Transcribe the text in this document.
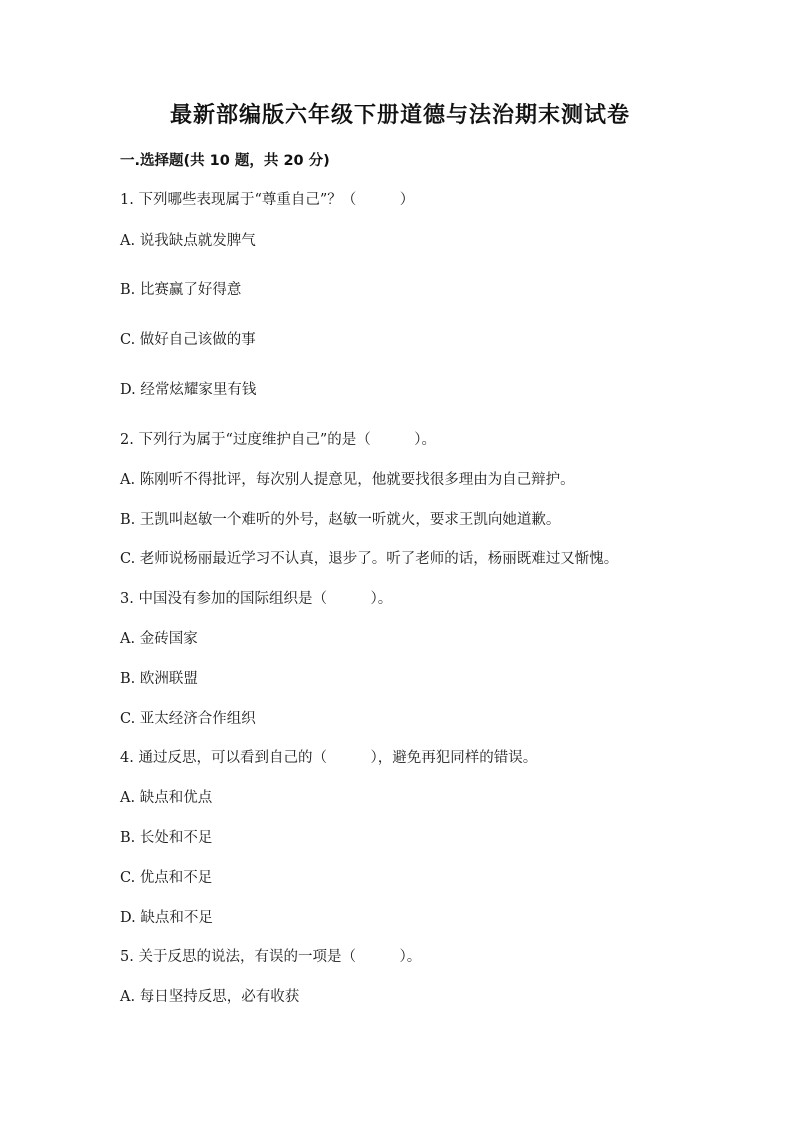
最新部编版六年级下册道德与法治期末测试卷
一.选择题(共 10 题，共 20 分)
1. 下列哪些表现属于“尊重自己”？（　　　）
A. 说我缺点就发脾气
B. 比赛赢了好得意
C. 做好自己该做的事
D. 经常炫耀家里有钱
2. 下列行为属于“过度维护自己”的是（　　　）。
A. 陈刚听不得批评，每次别人提意见，他就要找很多理由为自己辩护。
B. 王凯叫赵敏一个难听的外号，赵敏一听就火，要求王凯向她道歉。
C. 老师说杨丽最近学习不认真，退步了。听了老师的话，杨丽既难过又惭愧。
3. 中国没有参加的国际组织是（　　　）。
A. 金砖国家
B. 欧洲联盟
C. 亚太经济合作组织
4. 通过反思，可以看到自己的（　　　），避免再犯同样的错误。
A. 缺点和优点
B. 长处和不足
C. 优点和不足
D. 缺点和不足
5. 关于反思的说法，有误的一项是（　　　）。
A. 每日坚持反思，必有收获
